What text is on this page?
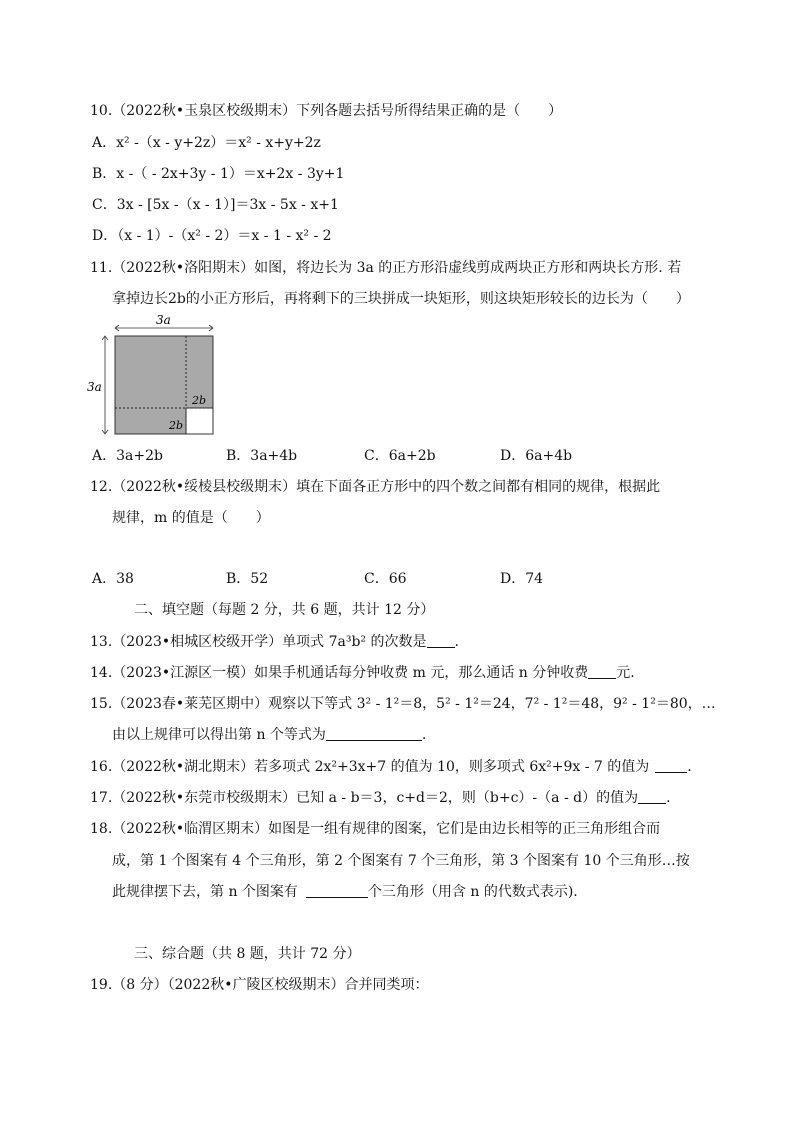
10.（2022秋•玉泉区校级期末）下列各题去括号所得结果正确的是（　　）
A．x² -（x - y+2z）＝x² - x+y+2z
B．x -（ - 2x+3y - 1）＝x+2x - 3y+1
C．3x - [5x -（x - 1）]＝3x - 5x - x+1
D．（x - 1）-（x² - 2）＝x - 1 - x² - 2
11.（2022秋•洛阳期末）如图，将边长为 3a 的正方形沿虚线剪成两块正方形和两块长方形. 若
拿掉边长2b的小正方形后，再将剩下的三块拼成一块矩形，则这块矩形较长的边长为（　　）
3a
3a
2b
2b
A．3a+2b	B．3a+4b	C．6a+2b	D．6a+4b
12.（2022秋•绥棱县校级期末）填在下面各正方形中的四个数之间都有相同的规律，根据此
规律，m 的值是（　　）
A．38	B．52	C．66	D．74
二、填空题（每题 2 分，共 6 题，共计 12 分）
13.（2023•相城区校级开学）单项式 7a³b² 的次数是 .
14.（2023•江源区一模）如果手机通话每分钟收费 m 元，那么通话 n 分钟收费 元.
15.（2023春•莱芜区期中）观察以下等式 3² - 1²＝8，5² - 1²＝24，7² - 1²＝48，9² - 1²＝80，…
由以上规律可以得出第 n 个等式为	.
16.（2022秋•湖北期末）若多项式 2x²+3x+7 的值为 10，则多项式 6x²+9x - 7 的值为	.
17.（2022秋•东莞市校级期末）已知 a - b＝3，c+d＝2，则（b+c）-（a - d）的值为 .
18.（2022秋•临渭区期末）如图是一组有规律的图案，它们是由边长相等的正三角形组合而
成，第 1 个图案有 4 个三角形，第 2 个图案有 7 个三角形，第 3 个图案有 10 个三角形…按
此规律摆下去，第 n 个图案有	个三角形（用含 n 的代数式表示).
三、综合题（共 8 题，共计 72 分）
19.（8 分）（2022秋•广陵区校级期末）合并同类项：
